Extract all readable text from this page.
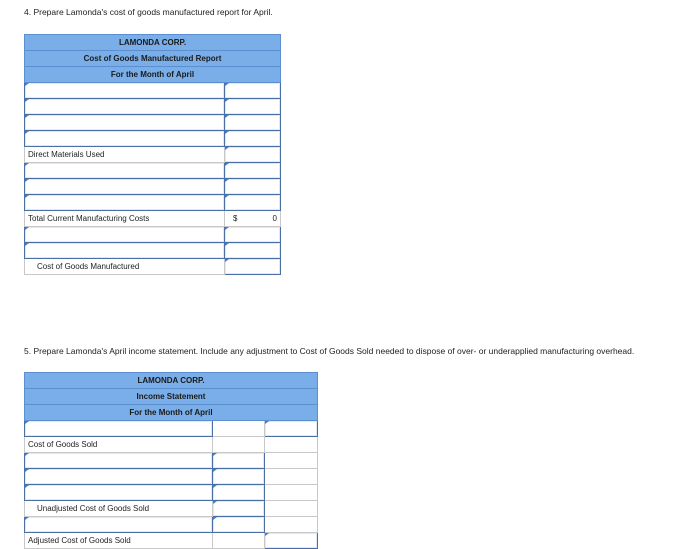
4. Prepare Lamonda's cost of goods manufactured report for April.
LAMONDA CORP.	
Cost of Goods Manufactured Report	
For the Month of April	

Direct Materials Used	

Total Current Manufacturing Costs	$ 0

Cost of Goods Manufactured	
5. Prepare Lamonda's April income statement. Include any adjustment to Cost of Goods Sold needed to dispose of over- or underapplied manufacturing overhead.
LAMONDA CORP.		
Income Statement		
For the Month of April		

Cost of Goods Sold		

Unadjusted Cost of Goods Sold		

Adjusted Cost of Goods Sold		
